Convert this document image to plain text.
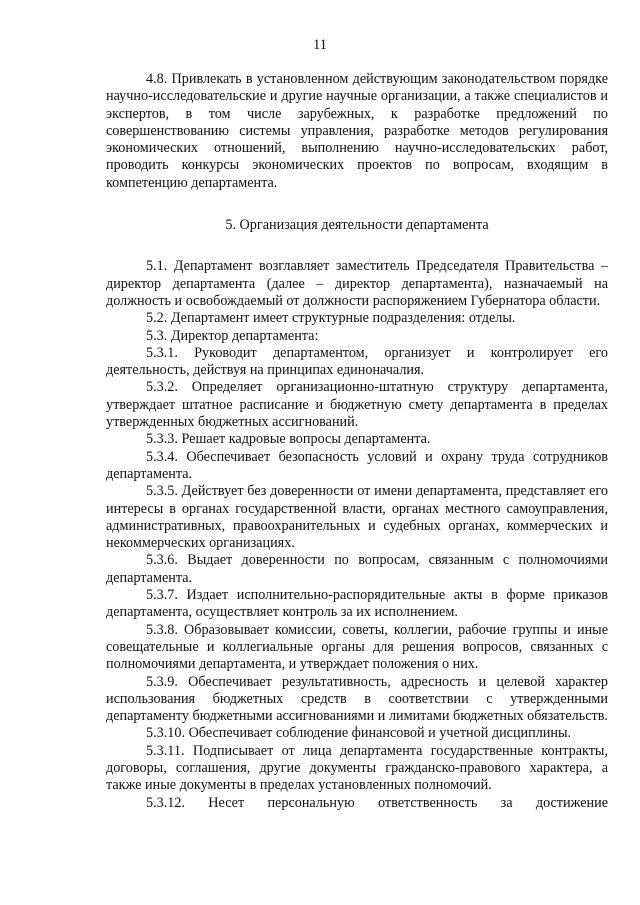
11

4.8. Привлекать в установленном действующим законодательством порядке научно-исследовательские и другие научные организации, а также специалистов и экспертов, в том числе зарубежных, к разработке предложений по совершенствованию системы управления, разработке методов регулирования экономических отношений, выполнению научно-исследовательских работ, проводить конкурсы экономических проектов по вопросам, входящим в компетенцию департамента.

5. Организация деятельности департамента

5.1. Департамент возглавляет заместитель Председателя Правительства – директор департамента (далее – директор департамента), назначаемый на должность и освобождаемый от должности распоряжением Губернатора области.

5.2. Департамент имеет структурные подразделения: отделы.

5.3. Директор департамента:

5.3.1. Руководит департаментом, организует и контролирует его деятельность, действуя на принципах единоначалия.

5.3.2. Определяет организационно-штатную структуру департамента, утверждает штатное расписание и бюджетную смету департамента в пределах утвержденных бюджетных ассигнований.

5.3.3. Решает кадровые вопросы департамента.

5.3.4. Обеспечивает безопасность условий и охрану труда сотрудников департамента.

5.3.5. Действует без доверенности от имени департамента, представляет его интересы в органах государственной власти, органах местного самоуправления, административных, правоохранительных и судебных органах, коммерческих и некоммерческих организациях.

5.3.6. Выдает доверенности по вопросам, связанным с полномочиями департамента.

5.3.7. Издает исполнительно-распорядительные акты в форме приказов департамента, осуществляет контроль за их исполнением.

5.3.8. Образовывает комиссии, советы, коллегии, рабочие группы и иные совещательные и коллегиальные органы для решения вопросов, связанных с полномочиями департамента, и утверждает положения о них.

5.3.9. Обеспечивает результативность, адресность и целевой характер использования бюджетных средств в соответствии с утвержденными департаменту бюджетными ассигнованиями и лимитами бюджетных обязательств.

5.3.10. Обеспечивает соблюдение финансовой и учетной дисциплины.

5.3.11. Подписывает от лица департамента государственные контракты, договоры, соглашения, другие документы гражданско-правового характера, а также иные документы в пределах установленных полномочий.

5.3.12. Несет персональную ответственность за достижение
